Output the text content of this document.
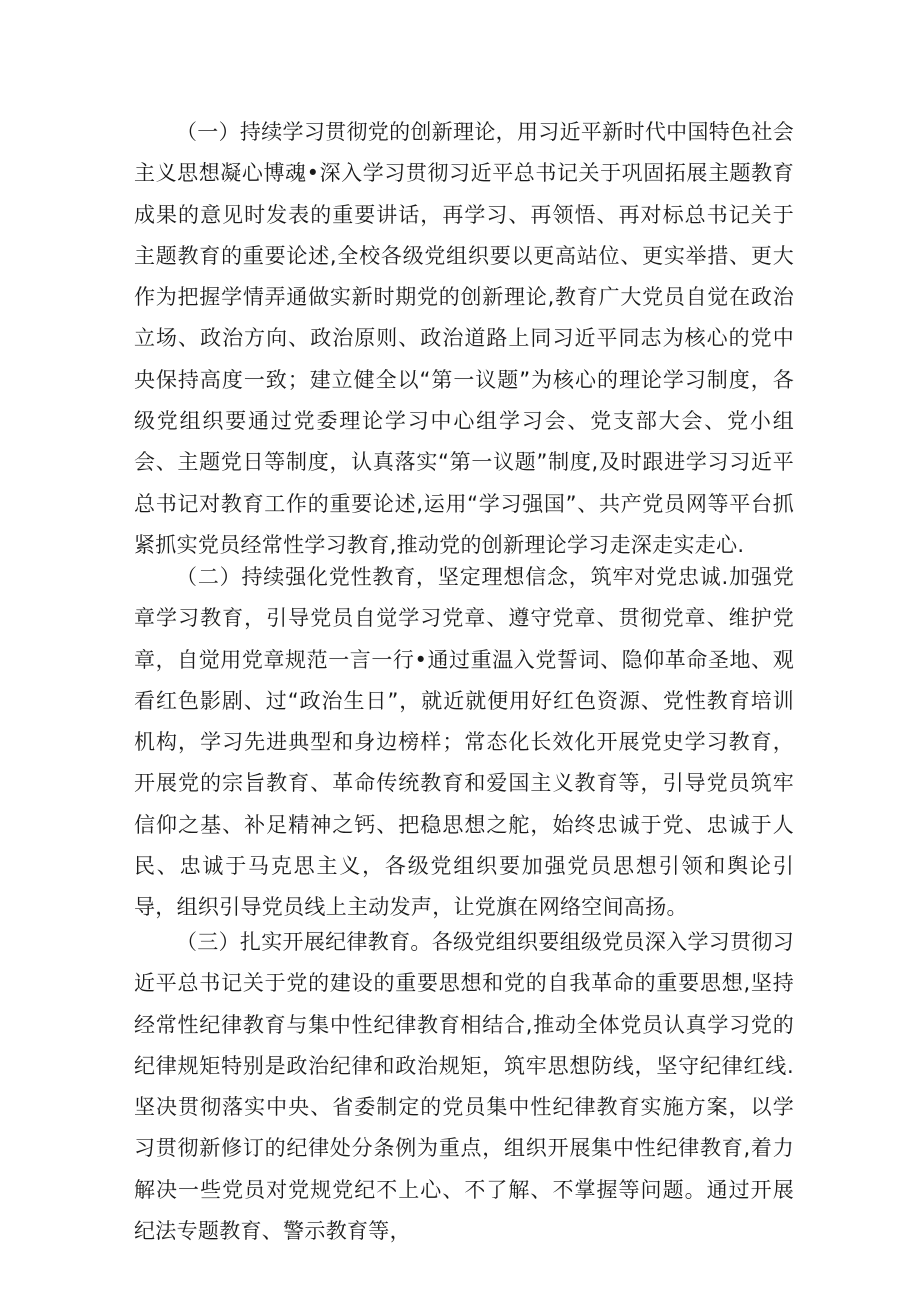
（一）持续学习贯彻党的创新理论，用习近平新时代中国特色社会主义思想凝心博魂•深入学习贯彻习近平总书记关于巩固拓展主题教育成果的意见时发表的重要讲话，再学习、再领悟、再对标总书记关于主题教育的重要论述,全校各级党组织要以更高站位、更实举措、更大作为把握学情弄通做实新时期党的创新理论,教育广大党员自觉在政治立场、政治方向、政治原则、政治道路上同习近平同志为核心的党中央保持高度一致；建立健全以“第一议题”为核心的理论学习制度，各级党组织要通过党委理论学习中心组学习会、党支部大会、党小组会、主题党日等制度，认真落实“第一议题”制度,及时跟进学习习近平总书记对教育工作的重要论述,运用“学习强国”、共产党员网等平台抓紧抓实党员经常性学习教育,推动党的创新理论学习走深走实走心.

（二）持续强化党性教育，坚定理想信念，筑牢对党忠诚.加强党章学习教育，引导党员自觉学习党章、遵守党章、贯彻党章、维护党章，自觉用党章规范一言一行•通过重温入党誓词、隐仰革命圣地、观看红色影剧、过“政治生日”，就近就便用好红色资源、党性教育培训机构，学习先进典型和身边榜样；常态化长效化开展党史学习教育，开展党的宗旨教育、革命传统教育和爱国主义教育等，引导党员筑牢信仰之基、补足精神之钙、把稳思想之舵，始终忠诚于党、忠诚于人民、忠诚于马克思主义，各级党组织要加强党员思想引领和舆论引导，组织引导党员线上主动发声，让党旗在网络空间高扬。

（三）扎实开展纪律教育。各级党组织要组级党员深入学习贯彻习近平总书记关于党的建设的重要思想和党的自我革命的重要思想,坚持经常性纪律教育与集中性纪律教育相结合,推动全体党员认真学习党的纪律规矩特别是政治纪律和政治规矩，筑牢思想防线，坚守纪律红线.坚决贯彻落实中央、省委制定的党员集中性纪律教育实施方案，以学习贯彻新修订的纪律处分条例为重点，组织开展集中性纪律教育,着力解决一些党员对党规党纪不上心、不了解、不掌握等问题。通过开展纪法专题教育、警示教育等，
